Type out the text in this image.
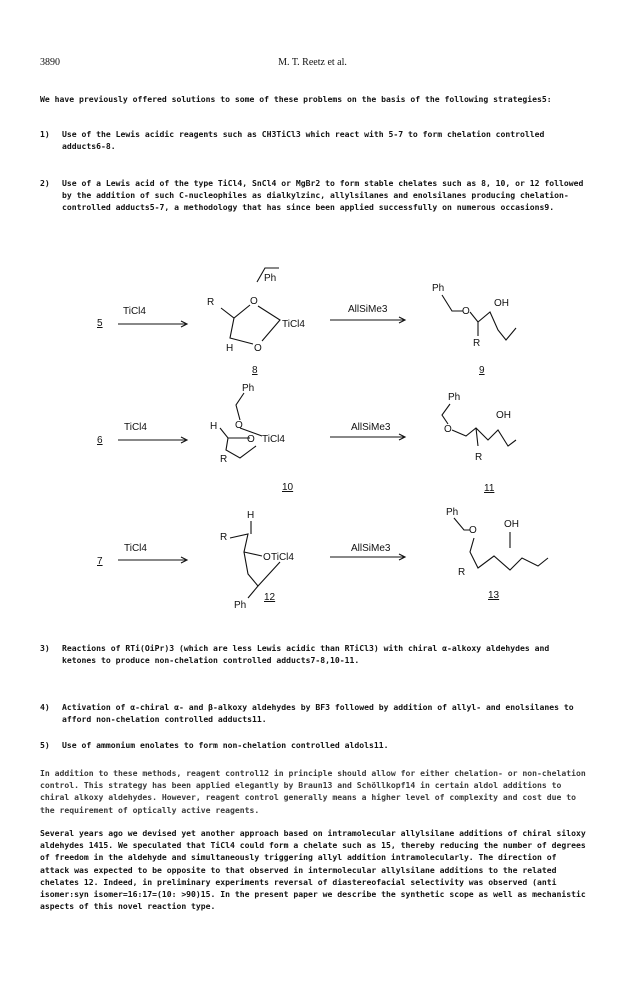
3890	M. T. Reetz et al.

We have previously offered solutions to some of these problems on the basis of the following strategies5:

1) Use of the Lewis acidic reagents such as CH3TiCl3 which react with 5-7 to form chelation controlled adducts6-8.

2) Use of a Lewis acid of the type TiCl4, SnCl4 or MgBr2 to form stable chelates such as 8, 10, or 12 followed by the addition of such C-nucleophiles as dialkylzinc, allylsilanes and enolsilanes producing chelation-controlled adducts5-7, a methodology that has since been applied successfully on numerous occasions9.

5
TiCl4
Ph
O
R
H O
TiCl4
8
AllSiMe3
Ph
O
OH
R
9
6
TiCl4
Ph
O
H
R
O TiCl4
10
AllSiMe3
Ph
O
OH
R
11
7
TiCl4
H
R
O TiCl4
Ph
12
AllSiMe3
Ph
O
OH
R
13

3) Reactions of RTi(OiPr)3 (which are less Lewis acidic than RTiCl3) with chiral α-alkoxy aldehydes and ketones to produce non-chelation controlled adducts7-8,10-11.

4) Activation of α-chiral α- and β-alkoxy aldehydes by BF3 followed by addition of allyl- and enolsilanes to afford non-chelation controlled adducts11.

5) Use of ammonium enolates to form non-chelation controlled aldols11.

In addition to these methods, reagent control12 in principle should allow for either chelation- or non-chelation control. This strategy has been applied elegantly by Braun13 and Schöllkopf14 in certain aldol additions to chiral alkoxy aldehydes. However, reagent control generally means a higher level of complexity and cost due to the requirement of optically active reagents.

Several years ago we devised yet another approach based on intramolecular allylsilane additions of chiral siloxy aldehydes 1415. We speculated that TiCl4 could form a chelate such as 15, thereby reducing the number of degrees of freedom in the aldehyde and simultaneously triggering allyl addition intramolecularly. The direction of attack was expected to be opposite to that observed in intermolecular allylsilane additions to the related chelates 12. Indeed, in preliminary experiments reversal of diastereofacial selectivity was observed (anti isomer:syn isomer=16:17=(10: >90)15. In the present paper we describe the synthetic scope as well as mechanistic aspects of this novel reaction type.
